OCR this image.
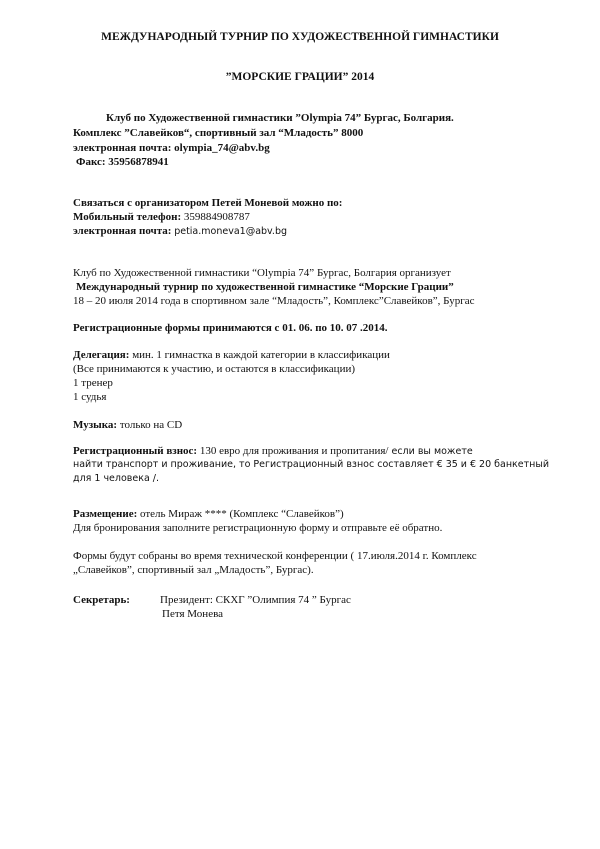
МЕЖДУНАРОДНЫЙ ТУРНИР ПО ХУДОЖЕСТВЕННОЙ ГИМНАСТИКИ
”МОРСКИЕ ГРАЦИИ” 2014
Клуб по Художественной гимнастики ”Olympia 74” Бургас, Болгария.
Комплекс ”Славейков“, спортивный зал “Младость” 8000
электронная почта: olympia_74@abv.bg
Факс: 35956878941
Связаться с организатором Петей Моневой можно по:
Мобильный телефон: 359884908787
электронная почта: petia.moneva1@abv.bg
Клуб по Художественной гимнастики “Olympia 74” Бургас, Болгария организует
Международный турнир по художественной гимнастике “Морские Грации”
18 – 20 июля 2014 года в спортивном зале “Младость”, Комплекс”Славейков”, Бургас
Регистрационные формы принимаются с 01. 06. по 10. 07 .2014.
Делегация: мин. 1 гимнастка в каждой категории в классификации
(Все принимаются к участию, и остаются в классификации)
1 тренер
1 судья
Музыка: только на CD
Регистрационный взнос: 130 евро для проживания и пропитания/ если вы можете
найти транспорт и проживание, то Регистрационный взнос составляет € 35 и € 20 банкетный
для 1 человека /.
Размещение: отель Мираж **** (Комплекс “Славейков”)
Для бронирования заполните регистрационную форму и отправьте её обратно.
Формы будут собраны во время технической конференции ( 17.июля.2014 г. Комплекс
„Славейков”, спортивный зал „Младость”, Бургас).
Секретарь:	Президент: СКХГ ”Олимпия 74 ” Бургас
Петя Монева
